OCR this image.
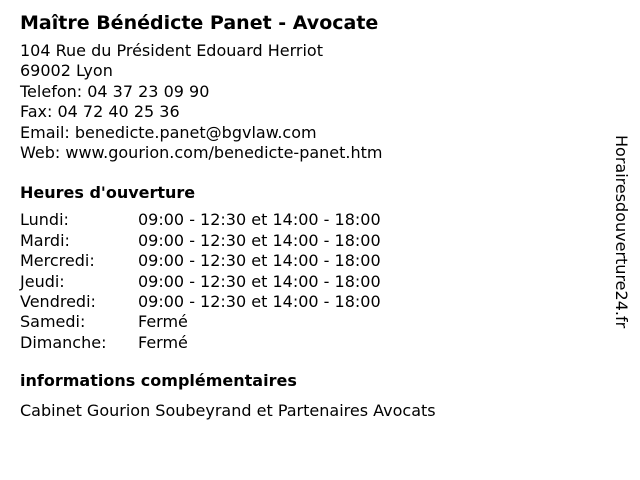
Maître Bénédicte Panet - Avocate
104 Rue du Président Edouard Herriot
69002 Lyon
Telefon: 04 37 23 09 90
Fax: 04 72 40 25 36
Email: benedicte.panet@bgvlaw.com
Web: www.gourion.com/benedicte-panet.htm
Heures d'ouverture
Lundi:	09:00 - 12:30 et 14:00 - 18:00
Mardi:	09:00 - 12:30 et 14:00 - 18:00
Mercredi:	09:00 - 12:30 et 14:00 - 18:00
Jeudi:	09:00 - 12:30 et 14:00 - 18:00
Vendredi:	09:00 - 12:30 et 14:00 - 18:00
Samedi:	Fermé
Dimanche:	Fermé
informations complémentaires
Cabinet Gourion Soubeyrand et Partenaires Avocats
Horairesdouverture24.fr
